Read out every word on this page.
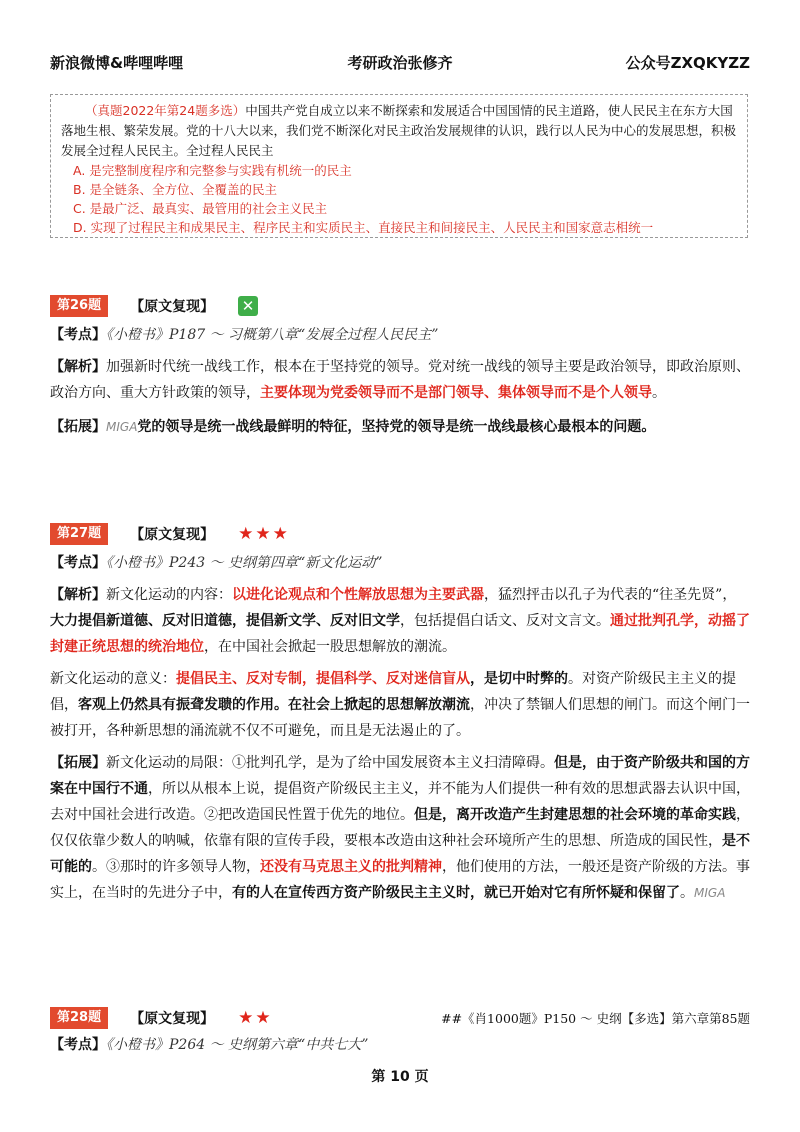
新浪微博&哔哩哔哩	考研政治张修齐	公众号ZXQKYZZ
（真题2022年第24题多选）中国共产党自成立以来不断探索和发展适合中国国情的民主道路，使人民民主在东方大国落地生根、繁荣发展。党的十八大以来，我们党不断深化对民主政治发展规律的认识，践行以人民为中心的发展思想，积极发展全过程人民民主。全过程人民民主
A. 是完整制度程序和完整参与实践有机统一的民主
B. 是全链条、全方位、全覆盖的民主
C. 是最广泛、最真实、最管用的社会主义民主
D. 实现了过程民主和成果民主、程序民主和实质民主、直接民主和间接民主、人民民主和国家意志相统一
第26题	【原文复现】 ✕

【考点】《小橙书》P187 ～ 习概第八章“发展全过程人民民主”

【解析】加强新时代统一战线工作，根本在于坚持党的领导。党对统一战线的领导主要是政治领导，即政治原则、政治方向、重大方针政策的领导，主要体现为党委领导而不是部门领导、集体领导而不是个人领导。

【拓展】MIGA党的领导是统一战线最鲜明的特征，坚持党的领导是统一战线最核心最根本的问题。

第27题	【原文复现】 ★★★

【考点】《小橙书》P243 ～ 史纲第四章“新文化运动”

【解析】新文化运动的内容：以进化论观点和个性解放思想为主要武器，猛烈抨击以孔子为代表的“往圣先贤”，大力提倡新道德、反对旧道德，提倡新文学、反对旧文学，包括提倡白话文、反对文言文。通过批判孔学，动摇了封建正统思想的统治地位，在中国社会掀起一股思想解放的潮流。

新文化运动的意义：提倡民主、反对专制，提倡科学、反对迷信盲从，是切中时弊的。对资产阶级民主主义的提倡，客观上仍然具有振聋发聩的作用。在社会上掀起的思想解放潮流，冲决了禁锢人们思想的闸门。而这个闸门一被打开，各种新思想的涌流就不仅不可避免，而且是无法遏止的了。

【拓展】新文化运动的局限：①批判孔学，是为了给中国发展资本主义扫清障碍。但是，由于资产阶级共和国的方案在中国行不通，所以从根本上说，提倡资产阶级民主主义，并不能为人们提供一种有效的思想武器去认识中国，去对中国社会进行改造。②把改造国民性置于优先的地位。但是，离开改造产生封建思想的社会环境的革命实践，仅仅依靠少数人的呐喊，依靠有限的宣传手段，要根本改造由这种社会环境所产生的思想、所造成的国民性，是不可能的。③那时的许多领导人物，还没有马克思主义的批判精神，他们使用的方法，一般还是资产阶级的方法。事实上，在当时的先进分子中，有的人在宣传西方资产阶级民主主义时，就已开始对它有所怀疑和保留了。MIGA

第28题	【原文复现】 ★★	##《肖1000题》P150 ～ 史纲【多选】第六章第85题

【考点】《小橙书》P264 ～ 史纲第六章“中共七大”

第 10 页
